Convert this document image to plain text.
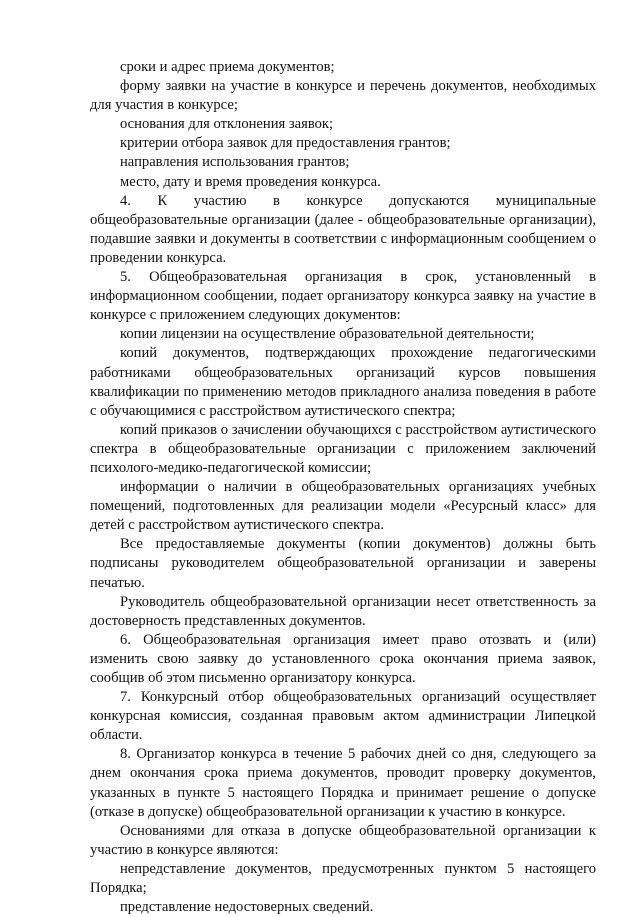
сроки и адрес приема документов;

форму заявки на участие в конкурсе и перечень документов, необходимых для участия в конкурсе;

основания для отклонения заявок;

критерии отбора заявок для предоставления грантов;

направления использования грантов;

место, дату и время проведения конкурса.

4. К участию в конкурсе допускаются муниципальные общеобразовательные организации (далее - общеобразовательные организации), подавшие заявки и документы в соответствии с информационным сообщением о проведении конкурса.

5. Общеобразовательная организация в срок, установленный в информационном сообщении, подает организатору конкурса заявку на участие в конкурсе с приложением следующих документов:

копии лицензии на осуществление образовательной деятельности;

копий документов, подтверждающих прохождение педагогическими работниками общеобразовательных организаций курсов повышения квалификации по применению методов прикладного анализа поведения в работе с обучающимися с расстройством аутистического спектра;

копий приказов о зачислении обучающихся с расстройством аутистического спектра в общеобразовательные организации с приложением заключений психолого-медико-педагогической комиссии;

информации о наличии в общеобразовательных организациях учебных помещений, подготовленных для реализации модели «Ресурсный класс» для детей с расстройством аутистического спектра.

Все предоставляемые документы (копии документов) должны быть подписаны руководителем общеобразовательной организации и заверены печатью.

Руководитель общеобразовательной организации несет ответственность за достоверность представленных документов.

6. Общеобразовательная организация имеет право отозвать и (или) изменить свою заявку до установленного срока окончания приема заявок, сообщив об этом письменно организатору конкурса.

7. Конкурсный отбор общеобразовательных организаций осуществляет конкурсная комиссия, созданная правовым актом администрации Липецкой области.

8. Организатор конкурса в течение 5 рабочих дней со дня, следующего за днем окончания срока приема документов, проводит проверку документов, указанных в пункте 5 настоящего Порядка и принимает решение о допуске (отказе в допуске) общеобразовательной организации к участию в конкурсе.

Основаниями для отказа в допуске общеобразовательной организации к участию в конкурсе являются:

непредставление документов, предусмотренных пунктом 5 настоящего Порядка;

представление недостоверных сведений.
